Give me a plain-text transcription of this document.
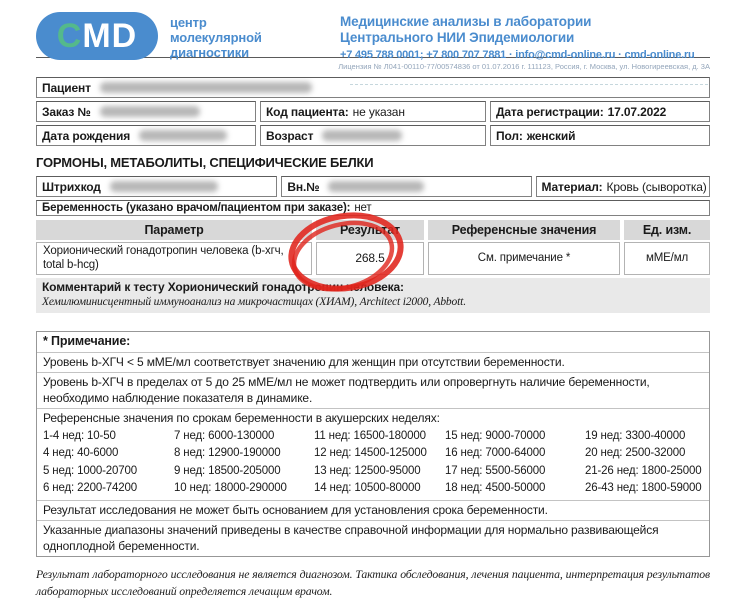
CMD	центр
молекулярной
диагностики
Медицинские анализы в лаборатории
Центрального НИИ Эпидемиологии
+7 495 788 0001; +7 800 707 7881 · info@cmd-online.ru · cmd-online.ru
Лицензия № Л041-00110-77/00574836 от 01.07.2016 г. 111123, Россия, г. Москва, ул. Новогиреевская, д. 3А
Пациент
Заказ №	Код пациента: не указан	Дата регистрации: 17.07.2022
Дата рождения	Возраст	Пол: женский
ГОРМОНЫ, МЕТАБОЛИТЫ, СПЕЦИФИЧЕСКИЕ БЕЛКИ
Штрихкод	Вн.№	Материал: Кровь (сыворотка)
Беременность (указано врачом/пациентом при заказе): нет
Параметр	Результат	Референсные значения	Ед. изм.
Хорионический гонадотропин человека (b-хгч, total b-hcg)	268.5	См. примечание *	мМЕ/мл
Комментарий к тесту Хорионический гонадотропин человека:
Хемилюминисцентный иммуноанализ на микрочастицах (ХИАМ), Architect i2000, Abbott.
* Примечание:
Уровень b-ХГЧ < 5 мМЕ/мл соответствует значению для женщин при отсутствии беременности.
Уровень b-ХГЧ в пределах от 5 до 25 мМЕ/мл не может подтвердить или опровергнуть наличие беременности, необходимо наблюдение показателя в динамике.
Референсные значения по срокам беременности в акушерских неделях:
1-4 нед: 10-50	7 нед: 6000-130000	11 нед: 16500-180000	15 нед: 9000-70000	19 нед: 3300-40000
4 нед: 40-6000	8 нед: 12900-190000	12 нед: 14500-125000	16 нед: 7000-64000	20 нед: 2500-32000
5 нед: 1000-20700	9 нед: 18500-205000	13 нед: 12500-95000	17 нед: 5500-56000	21-26 нед: 1800-25000
6 нед: 2200-74200	10 нед: 18000-290000	14 нед: 10500-80000	18 нед: 4500-50000	26-43 нед: 1800-59000
Результат исследования не может быть основанием для установления срока беременности.
Указанные диапазоны значений приведены в качестве справочной информации для нормально развивающейся одноплодной беременности.
Результат лабораторного исследования не является диагнозом. Тактика обследования, лечения пациента, интерпретация результатов лабораторных исследований определяется лечащим врачом.
